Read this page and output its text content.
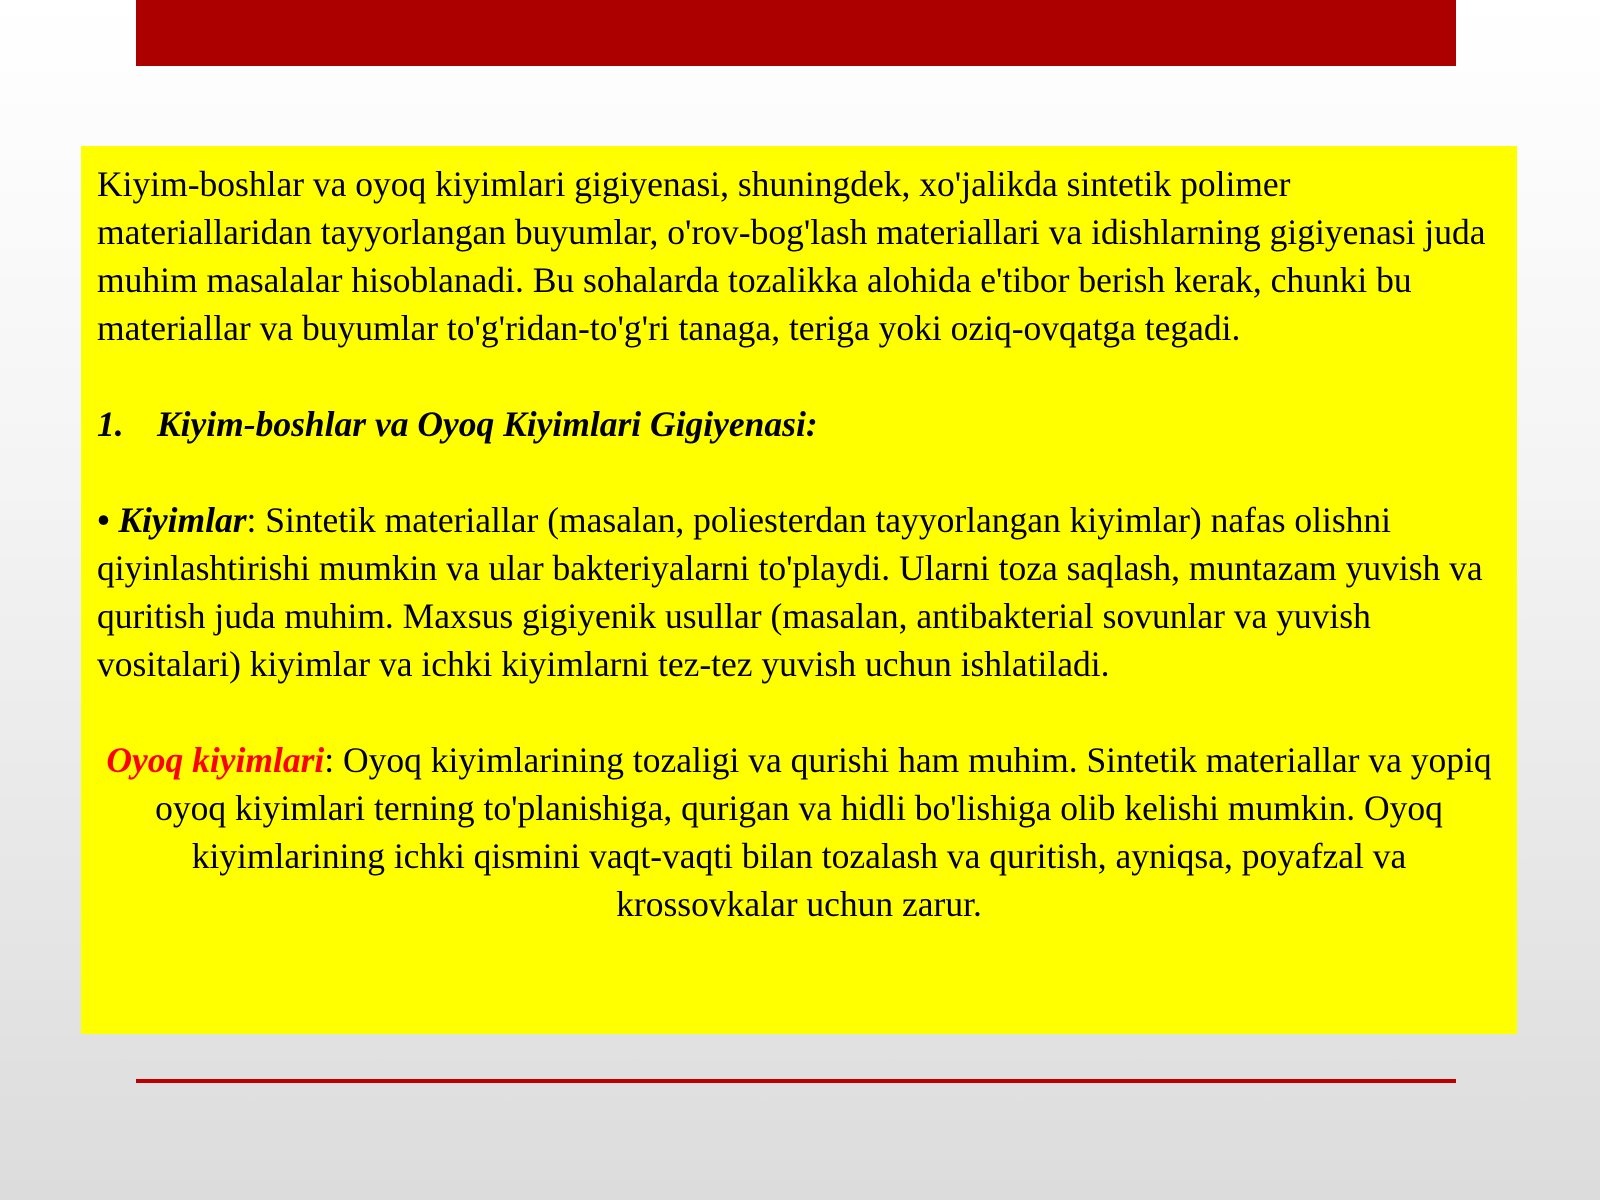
Kiyim-boshlar va oyoq kiyimlari gigiyenasi, shuningdek, xo'jalikda sintetik polimer materiallaridan tayyorlangan buyumlar, o'rov-bog'lash materiallari va idishlarning gigiyenasi juda muhim masalalar hisoblanadi. Bu sohalarda tozalikka alohida e'tibor berish kerak, chunki bu materiallar va buyumlar to'g'ridan-to'g'ri tanaga, teriga yoki oziq-ovqatga tegadi.

1. Kiyim-boshlar va Oyoq Kiyimlari Gigiyenasi:

• Kiyimlar: Sintetik materiallar (masalan, poliesterdan tayyorlangan kiyimlar) nafas olishni qiyinlashtirishi mumkin va ular bakteriyalarni to'playdi. Ularni toza saqlash, muntazam yuvish va quritish juda muhim. Maxsus gigiyenik usullar (masalan, antibakterial sovunlar va yuvish vositalari) kiyimlar va ichki kiyimlarni tez-tez yuvish uchun ishlatiladi.

Oyoq kiyimlari: Oyoq kiyimlarining tozaligi va qurishi ham muhim. Sintetik materiallar va yopiq oyoq kiyimlari terning to'planishiga, qurigan va hidli bo'lishiga olib kelishi mumkin. Oyoq kiyimlarining ichki qismini vaqt-vaqti bilan tozalash va quritish, ayniqsa, poyafzal va krossovkalar uchun zarur.
